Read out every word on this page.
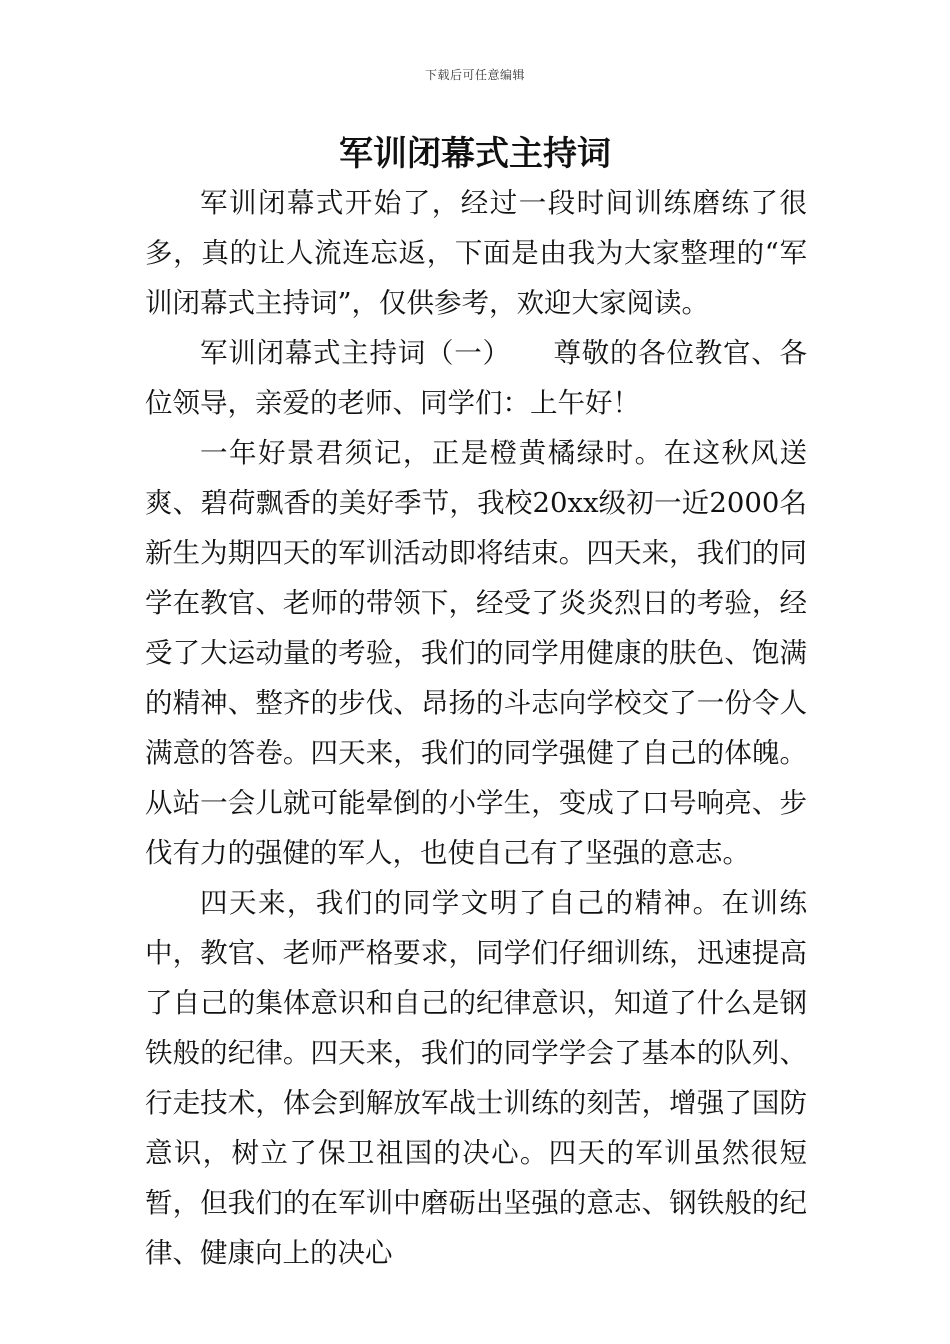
下载后可任意编辑
军训闭幕式主持词

军训闭幕式开始了，经过一段时间训练磨练了很多，真的让人流连忘返，下面是由我为大家整理的“军训闭幕式主持词”，仅供参考，欢迎大家阅读。

军训闭幕式主持词（一）　　尊敬的各位教官、各位领导，亲爱的老师、同学们：上午好！

一年好景君须记，正是橙黄橘绿时。在这秋风送爽、碧荷飘香的美好季节，我校20xx级初一近2000名新生为期四天的军训活动即将结束。四天来，我们的同学在教官、老师的带领下，经受了炎炎烈日的考验，经受了大运动量的考验，我们的同学用健康的肤色、饱满的精神、整齐的步伐、昂扬的斗志向学校交了一份令人满意的答卷。四天来，我们的同学强健了自己的体魄。从站一会儿就可能晕倒的小学生，变成了口号响亮、步伐有力的强健的军人，也使自己有了坚强的意志。

四天来，我们的同学文明了自己的精神。在训练中，教官、老师严格要求，同学们仔细训练，迅速提高了自己的集体意识和自己的纪律意识，知道了什么是钢铁般的纪律。四天来，我们的同学学会了基本的队列、行走技术，体会到解放军战士训练的刻苦，增强了国防意识，树立了保卫祖国的决心。四天的军训虽然很短暂，但我们的在军训中磨砺出坚强的意志、钢铁般的纪律、健康向上的决心
